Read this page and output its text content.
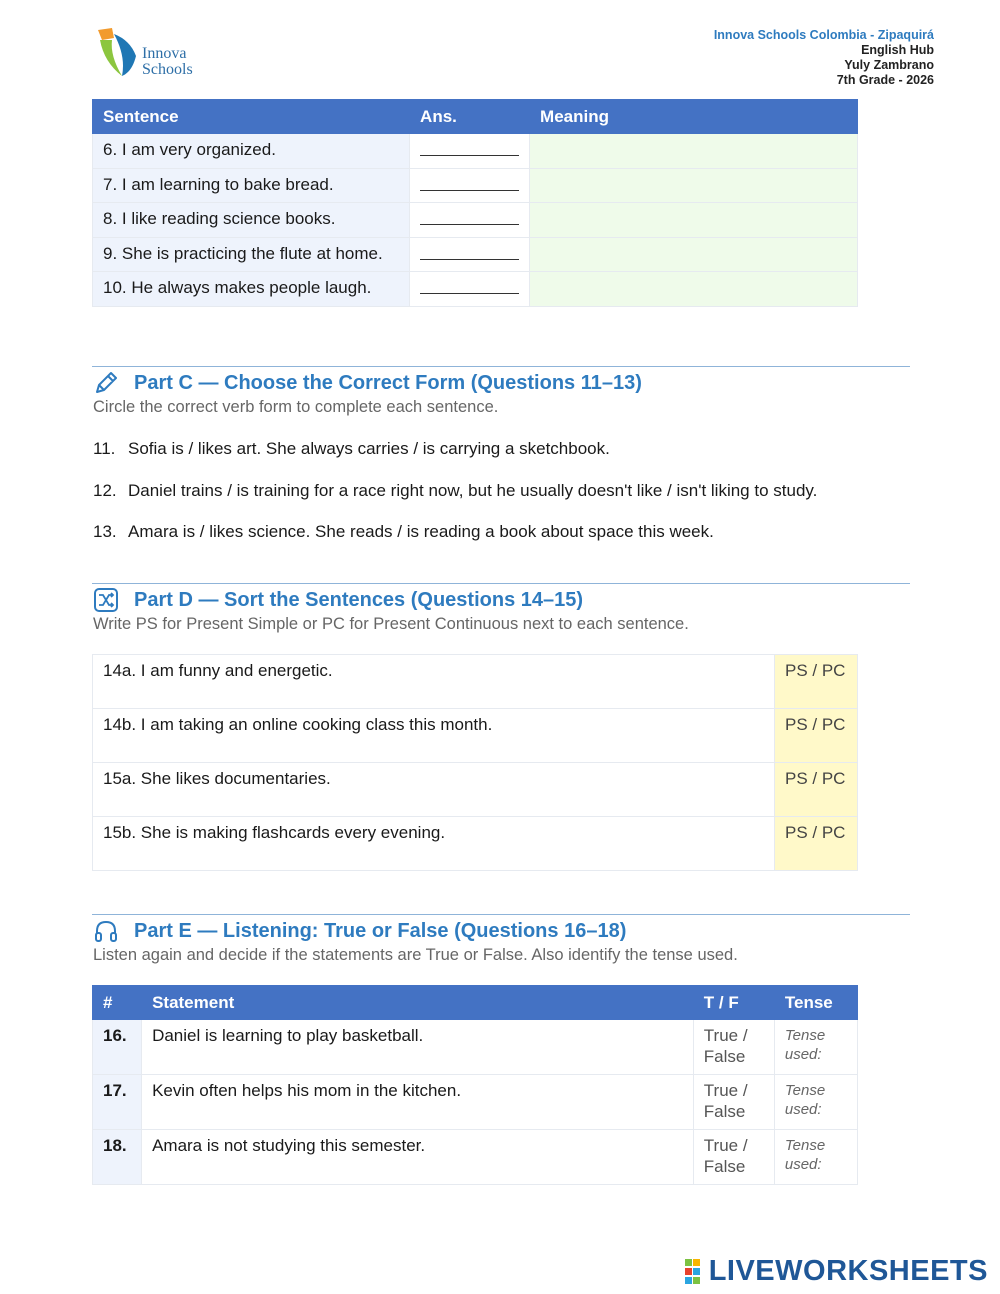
Innova
Schools
Innova Schools Colombia - Zipaquirá
English Hub
Yuly Zambrano
7th Grade - 2026
Sentence	Ans.	Meaning
6. I am very organized.		
7. I am learning to bake bread.		
8. I like reading science books.		
9. She is practicing the flute at home.		
10. He always makes people laugh.		
Part C — Choose the Correct Form (Questions 11–13)
Circle the correct verb form to complete each sentence.
11. Sofia is / likes art. She always carries / is carrying a sketchbook.
12. Daniel trains / is training for a race right now, but he usually doesn't like / isn't liking to study.
13. Amara is / likes science. She reads / is reading a book about space this week.
Part D — Sort the Sentences (Questions 14–15)
Write PS for Present Simple or PC for Present Continuous next to each sentence.
14a. I am funny and energetic.	PS / PC
14b. I am taking an online cooking class this month.	PS / PC
15a. She likes documentaries.	PS / PC
15b. She is making flashcards every evening.	PS / PC
Part E — Listening: True or False (Questions 16–18)
Listen again and decide if the statements are True or False. Also identify the tense used.
#	Statement	T / F	Tense
16.	Daniel is learning to play basketball.	True / False	Tense used:
17.	Kevin often helps his mom in the kitchen.	True / False	Tense used:
18.	Amara is not studying this semester.	True / False	Tense used:
LIVEWORKSHEETS
